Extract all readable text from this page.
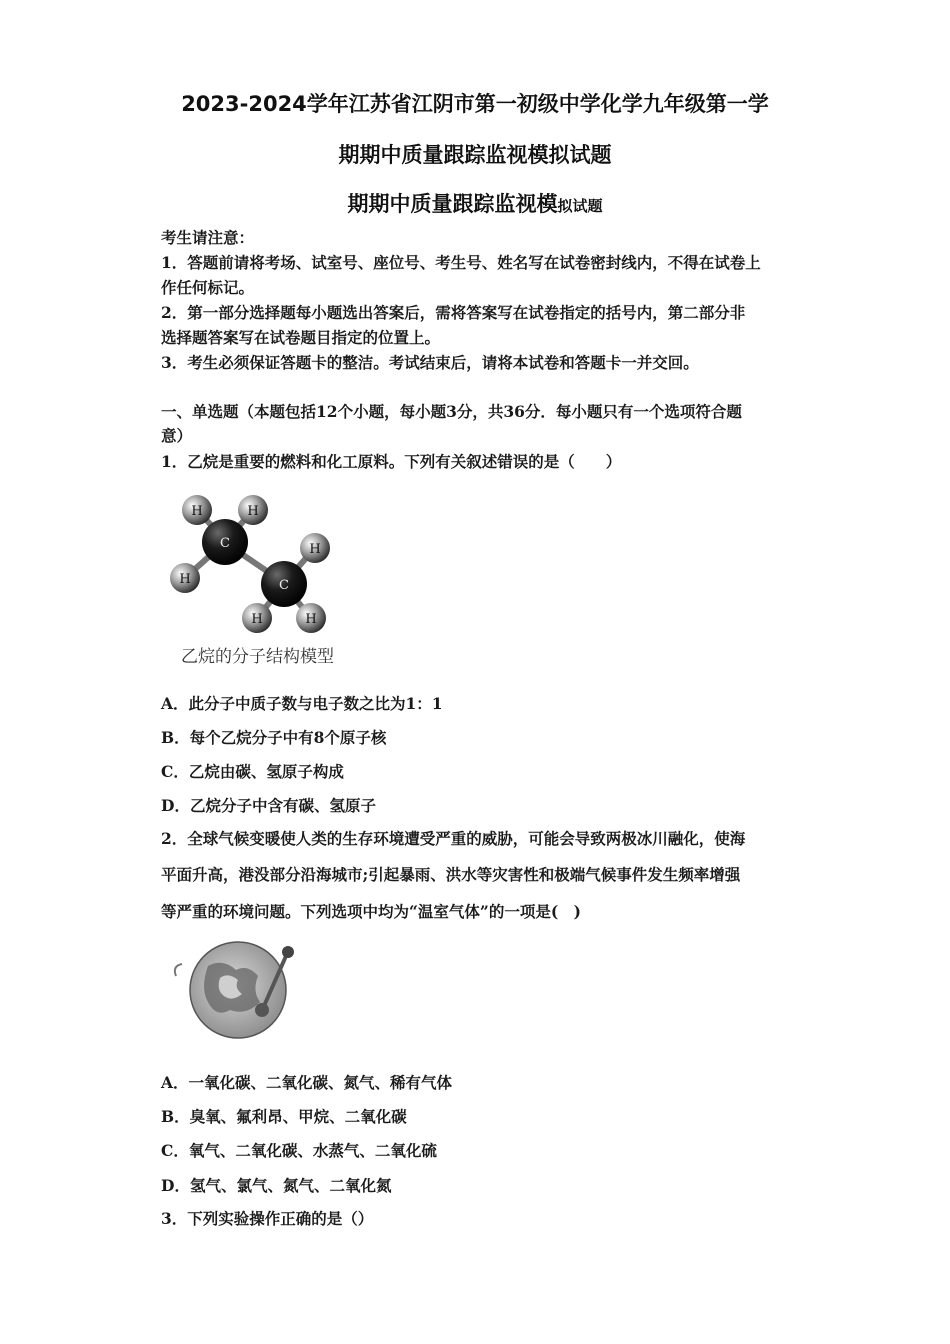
2023-2024学年江苏省江阴市第一初级中学化学九年级第一学
期期中质量跟踪监视模拟试题
期期中质量跟踪监视模拟试题
考生请注意：
1．答题前请将考场、试室号、座位号、考生号、姓名写在试卷密封线内，不得在试卷上
作任何标记。
2．第一部分选择题每小题选出答案后，需将答案写在试卷指定的括号内，第二部分非
选择题答案写在试卷题目指定的位置上。
3．考生必须保证答题卡的整洁。考试结束后，请将本试卷和答题卡一并交回。
一、单选题（本题包括12个小题，每小题3分，共36分．每小题只有一个选项符合题
意）
1．乙烷是重要的燃料和化工原料。下列有关叙述错误的是（　　）
H	H
H
H
H	H
C
C
乙烷的分子结构模型
A．此分子中质子数与电子数之比为1：1
B．每个乙烷分子中有8个原子核
C．乙烷由碳、氢原子构成
D．乙烷分子中含有碳、氢原子
2．全球气候变暖使人类的生存环境遭受严重的威胁，可能会导致两极冰川融化，使海
平面升高，港没部分沿海城市;引起暴雨、洪水等灾害性和极端气候事件发生频率增强
等严重的环境问题。下列选项中均为“温室气体”的一项是(　)
A．一氧化碳、二氧化碳、氮气、稀有气体
B．臭氧、氟利昂、甲烷、二氧化碳
C．氧气、二氧化碳、水蒸气、二氧化硫
D．氢气、氯气、氮气、二氧化氮
3．下列实验操作正确的是（）
